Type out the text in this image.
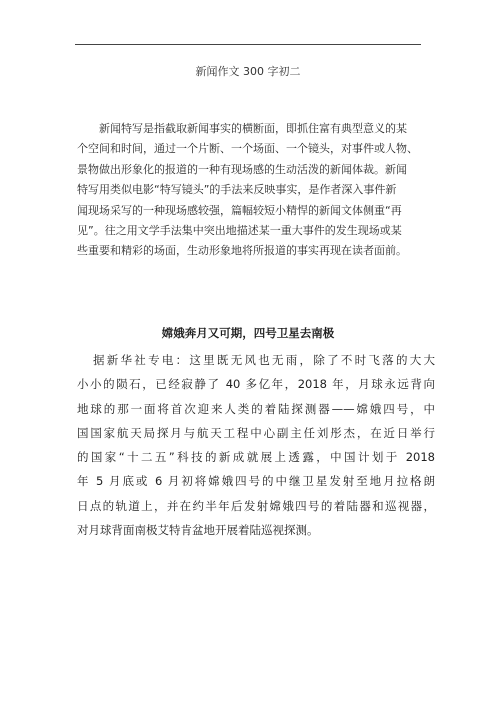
新闻作文 300 字初二

新闻特写是指截取新闻事实的横断面，即抓住富有典型意义的某
个空间和时间，通过一个片断、一个场面、一个镜头，对事件或人物、
景物做出形象化的报道的一种有现场感的生动活泼的新闻体裁。新闻
特写用类似电影“特写镜头”的手法来反映事实，是作者深入事件新
闻现场采写的一种现场感较强，篇幅较短小精悍的新闻文体侧重“再
见”。往之用文学手法集中突出地描述某一重大事件的发生现场或某
些重要和精彩的场面，生动形象地将所报道的事实再现在读者面前。

嫦娥奔月又可期，四号卫星去南极

据新华社专电：这里既无风也无雨，除了不时飞落的大大
小小的陨石，已经寂静了 40 多亿年，2018 年，月球永远背向
地球的那一面将首次迎来人类的着陆探测器——嫦娥四号，中
国国家航天局探月与航天工程中心副主任刘彤杰，在近日举行
的国家“十二五”科技的新成就展上透露，中国计划于 2018
年 5 月底或 6 月初将嫦娥四号的中继卫星发射至地月拉格朗
日点的轨道上，并在约半年后发射嫦娥四号的着陆器和巡视器，
对月球背面南极艾特肯盆地开展着陆巡视探测。
